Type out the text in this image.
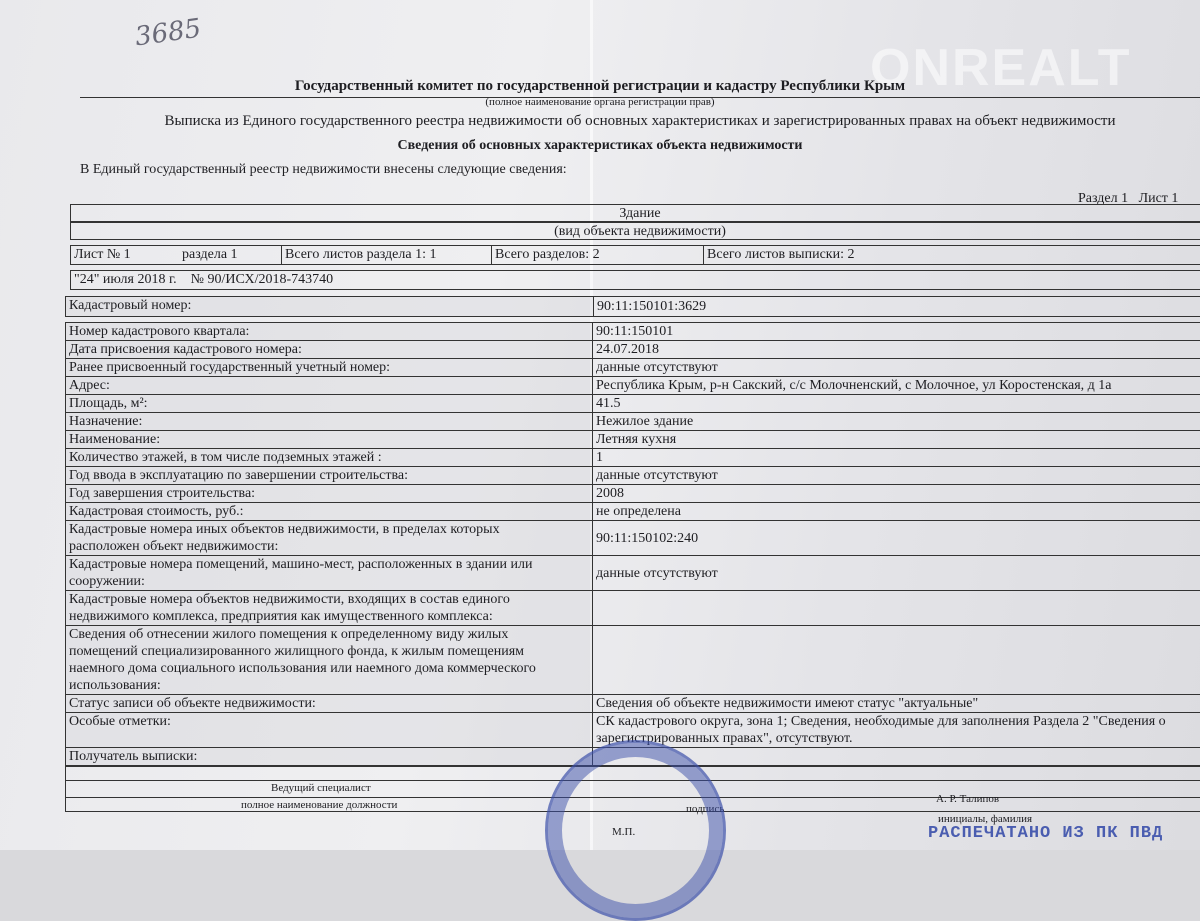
3685
ONREALT
Государственный комитет по государственной регистрации и кадастру Республики Крым
(полное наименование органа регистрации прав)
Выписка из Единого государственного реестра недвижимости об основных характеристиках и зарегистрированных правах на объект недвижимости
Сведения об основных характеристиках объекта недвижимости
В Единый государственный реестр недвижимости внесены следующие сведения:
Раздел 1   Лист 1
Здание
(вид объекта недвижимости)
Лист № 1	раздела 1	Всего листов раздела 1: 1	Всего разделов: 2	Всего листов выписки: 2
"24" июля 2018 г.    № 90/ИСХ/2018-743740
Кадастровый номер:	90:11:150101:3629
Номер кадастрового квартала:	90:11:150101

Дата присвоения кадастрового номера:	24.07.2018

Ранее присвоенный государственный учетный номер:	данные отсутствуют

Адрес:	Республика Крым, р-н Сакский, с/с Молочненский, с Молочное, ул Коростенская, д 1а

Площадь, м²:	41.5

Назначение:	Нежилое здание

Наименование:	Летняя кухня

Количество этажей, в том числе подземных этажей :	1

Год ввода в эксплуатацию по завершении строительства:	данные отсутствуют

Год завершения строительства:	2008

Кадастровая стоимость, руб.:	не определена

Кадастровые номера иных объектов недвижимости, в пределах которых
расположен объект недвижимости:	90:11:150102:240

Кадастровые номера помещений, машино-мест, расположенных в здании или
сооружении:	данные отсутствуют

Кадастровые номера объектов недвижимости, входящих в состав единого
недвижимого комплекса, предприятия как имущественного комплекса:	

Сведения об отнесении жилого помещения к определенному виду жилых
помещений специализированного жилищного фонда, к жилым помещениям
наемного дома социального использования или наемного дома коммерческого
использования:	

Статус записи об объекте недвижимости:	Сведения об объекте недвижимости имеют статус "актуальные"

Особые отметки:	СК кадастрового округа, зона 1; Сведения, необходимые для заполнения Раздела 2 "Сведения о зарегистрированных правах", отсутствуют.

Получатель выписки:	

Ведущий специалист
полное наименование должности	подпись
А. Р. Талипов
инициалы, фамилия
М.П.	РАСПЕЧАТАНО ИЗ ПК ПВД
